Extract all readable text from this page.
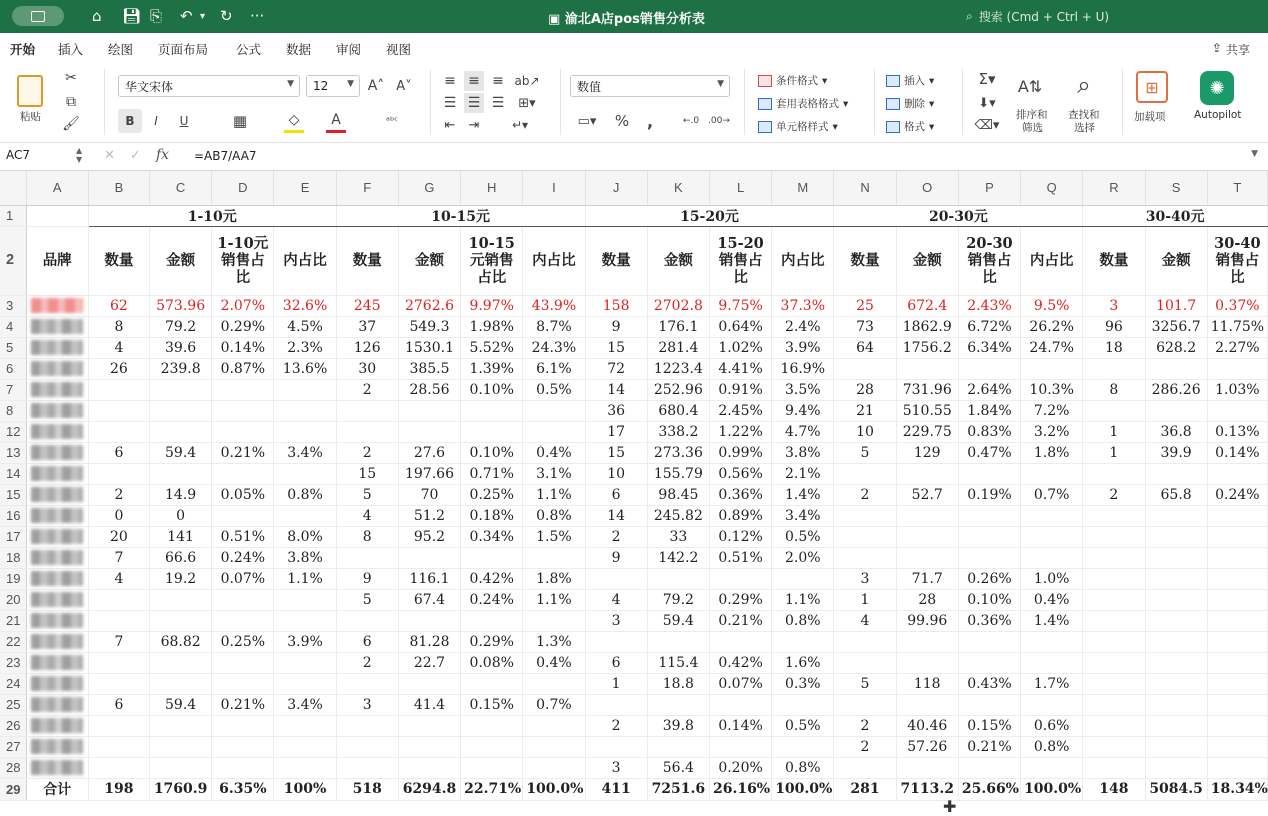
⌂ 💾︎ ⎘ ↶ ▾ ↻ ···	▣ 渝北A店pos销售分析表	⌕ 搜索 (Cmd + Ctrl + U)
开始 插入 绘图 页面布局 公式 数据 审阅 视图	⇪ 共享
粘贴
✂
⧉
🖌︎
华文宋体	▼ 12 ▼ A˄ A˅
B	I	U	▦	◇	A	ᵃᵇᶜ
≡ ≡ ≡ ab↗
☰ ☰ ☰	⊞▾
⇤	⇥	↵▾
数值	▼
▭▾	%	,	←.0	.00→
条件格式 ▾
套用表格格式 ▾
单元格样式 ▾
插入 ▾
删除 ▾
格式 ▾
Σ▾
⬇▾
⌫▾
A⇅
排序和
筛选
⌕
查找和
选择
⊞
加载项
✺
Autopilot
AC7	▲
▼ ✕ ✓ fx =AB7/AA7	▼
	A	B	C	D	E	F	G	H	I	J	K	L	M	N	O	P	Q	R	S	T
1		1-10元				10-15元				15-20元				20-30元				30-40元		
2	品牌	数量	金额	1-10元销售占比	内占比	数量	金额	10-15元销售占比	内占比	数量	金额	15-20销售占比	内占比	数量	金额	20-30销售占比	内占比	数量	金额	30-40销售占比
3		62	573.96	2.07%	32.6%	245	2762.6	9.97%	43.9%	158	2702.8	9.75%	37.3%	25	672.4	2.43%	9.5%	3	101.7	0.37%
4		8	79.2	0.29%	4.5%	37	549.3	1.98%	8.7%	9	176.1	0.64%	2.4%	73	1862.9	6.72%	26.2%	96	3256.7	11.75%
5		4	39.6	0.14%	2.3%	126	1530.1	5.52%	24.3%	15	281.4	1.02%	3.9%	64	1756.2	6.34%	24.7%	18	628.2	2.27%
6		26	239.8	0.87%	13.6%	30	385.5	1.39%	6.1%	72	1223.4	4.41%	16.9%							
7						2	28.56	0.10%	0.5%	14	252.96	0.91%	3.5%	28	731.96	2.64%	10.3%	8	286.26	1.03%
8										36	680.4	2.45%	9.4%	21	510.55	1.84%	7.2%			
12										17	338.2	1.22%	4.7%	10	229.75	0.83%	3.2%	1	36.8	0.13%
13		6	59.4	0.21%	3.4%	2	27.6	0.10%	0.4%	15	273.36	0.99%	3.8%	5	129	0.47%	1.8%	1	39.9	0.14%
14						15	197.66	0.71%	3.1%	10	155.79	0.56%	2.1%							
15		2	14.9	0.05%	0.8%	5	70	0.25%	1.1%	6	98.45	0.36%	1.4%	2	52.7	0.19%	0.7%	2	65.8	0.24%
16		0	0			4	51.2	0.18%	0.8%	14	245.82	0.89%	3.4%							
17		20	141	0.51%	8.0%	8	95.2	0.34%	1.5%	2	33	0.12%	0.5%							
18		7	66.6	0.24%	3.8%					9	142.2	0.51%	2.0%							
19		4	19.2	0.07%	1.1%	9	116.1	0.42%	1.8%					3	71.7	0.26%	1.0%			
20						5	67.4	0.24%	1.1%	4	79.2	0.29%	1.1%	1	28	0.10%	0.4%			
21										3	59.4	0.21%	0.8%	4	99.96	0.36%	1.4%			
22		7	68.82	0.25%	3.9%	6	81.28	0.29%	1.3%											
23						2	22.7	0.08%	0.4%	6	115.4	0.42%	1.6%							
24										1	18.8	0.07%	0.3%	5	118	0.43%	1.7%			
25		6	59.4	0.21%	3.4%	3	41.4	0.15%	0.7%											
26										2	39.8	0.14%	0.5%	2	40.46	0.15%	0.6%			
27														2	57.26	0.21%	0.8%			
28										3	56.4	0.20%	0.8%							
29	合计	198	1760.9	6.35%	100%	518	6294.8	22.71%	100.0%	411	7251.6	26.16%	100.0%	281	7113.2	25.66%	100.0%	148	5084.5	18.34%
✚
